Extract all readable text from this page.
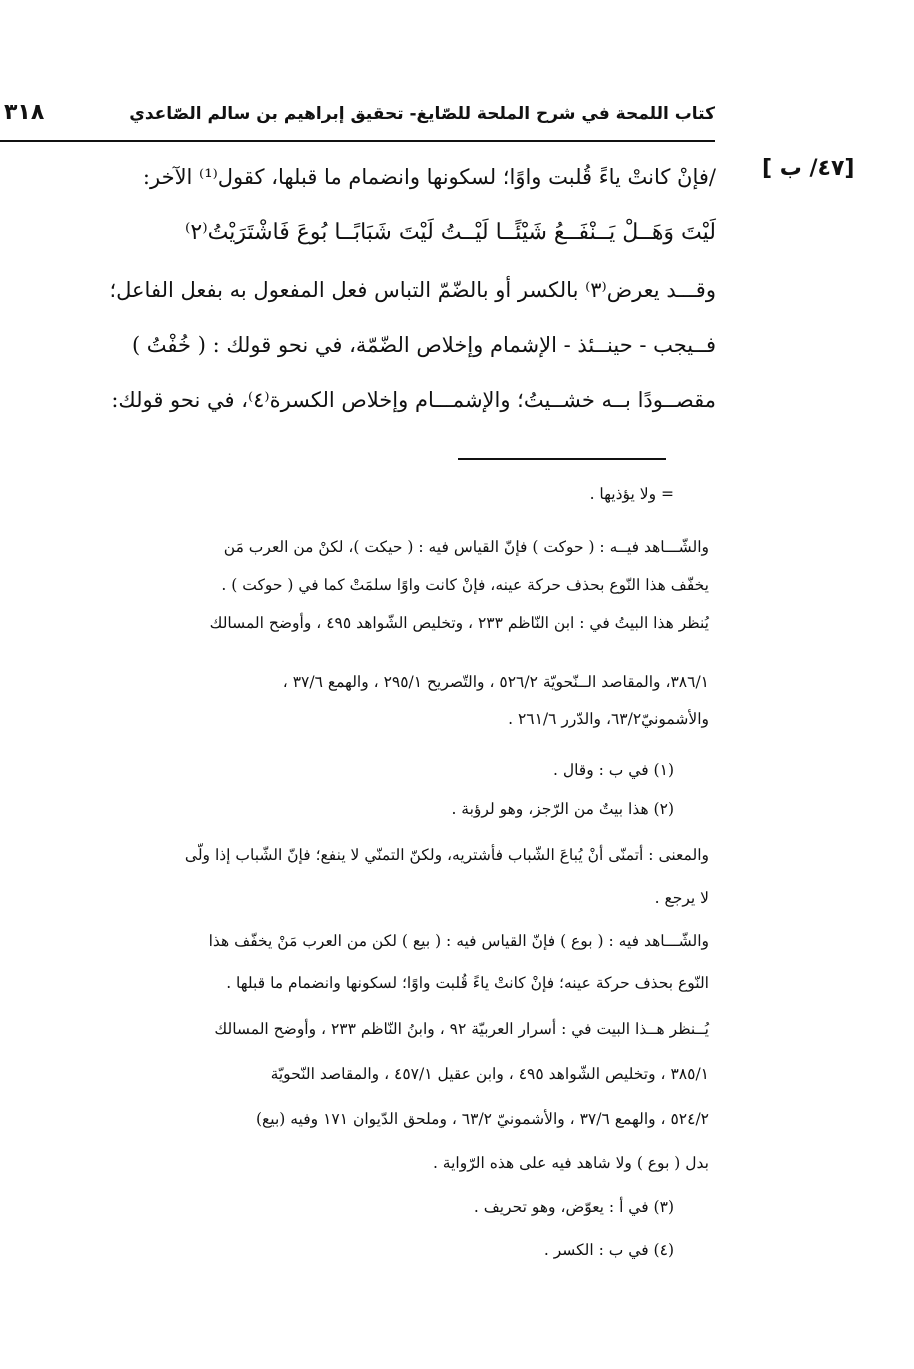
كتاب اللمحة في شرح الملحة للصّايغ- تحقيق إبراهيم بن سالم الصّاعدي
٣١٨
[ ٤٧/ ب]
/فإنْ كانتْ ياءً قُلبت واوًا؛ لسكونها وانضمام ما قبلها، كقول⁽¹⁾ الآخر:
لَيْتَ وَهَــلْ يَــنْفَــعُ شَيْئًــا لَيْــتُ لَيْتَ شَبَابًــا بُوعَ فَاشْتَرَيْتُ⁽٢⁾
وقـــد يعرض⁽٣⁾ بالكسر أو بالضّمّ التباس فعل المفعول به بفعل الفاعل؛
فــيجب - حينــئذ - الإشمام وإخلاص الضّمّة، في نحو قولك : ( خُفْتُ )
مقصــودًا بــه خشــيتُ؛ والإشمـــام وإخلاص الكسرة⁽٤⁾، في نحو قولك:
= ولا يؤذيها .
والشّـــاهد فيــه : ( حوكت ) فإنّ القياس فيه : ( حيكت )، لكنْ من العرب مَن
يخفّف هذا النّوع بحذف حركة عينه، فإنْ كانت واوًا سلمَتْ كما في ( حوكت ) .
يُنظر هذا البيتُ في : ابن النّاظم ٢٣٣ ، وتخليص الشّواهد ٤٩٥ ، وأوضح المسالك
٣٨٦/١، والمقاصد الــنّحويّة ٥٢٦/٢ ، والتّصريح ٢٩٥/١ ، والهمع ٣٧/٦ ،
والأشمونيّ٦٣/٢، والدّرر ٢٦١/٦ .
(١) في ب : وقال .
(٢) هذا بيتٌ من الرّجز، وهو لرؤبة .
والمعنى : أتمنّى أنْ يُباعَ الشّباب فأشتريه، ولكنّ التمنّي لا ينفع؛ فإنّ الشّباب إذا ولّى
لا يرجع .
والشّـــاهد فيه : ( بوع ) فإنّ القياس فيه : ( بيع ) لكن من العرب مَنْ يخفّف هذا
النّوع بحذف حركة عينه؛ فإنْ كانتْ ياءً قُلبت واوًا؛ لسكونها وانضمام ما قبلها .
يُــنظر هــذا البيت في : أسرار العربيّة ٩٢ ، وابنُ النّاظم ٢٣٣ ، وأوضح المسالك
٣٨٥/١ ، وتخليص الشّواهد ٤٩٥ ، وابن عقيل ٤٥٧/١ ، والمقاصد النّحويّة
٥٢٤/٢ ، والهمع ٣٧/٦ ، والأشمونيّ ٦٣/٢ ، وملحق الدّيوان ١٧١ وفيه (بيع)
بدل ( بوع ) ولا شاهد فيه على هذه الرّواية .
(٣) في أ : يعوّض، وهو تحريف .
(٤) في ب : الكسر .
